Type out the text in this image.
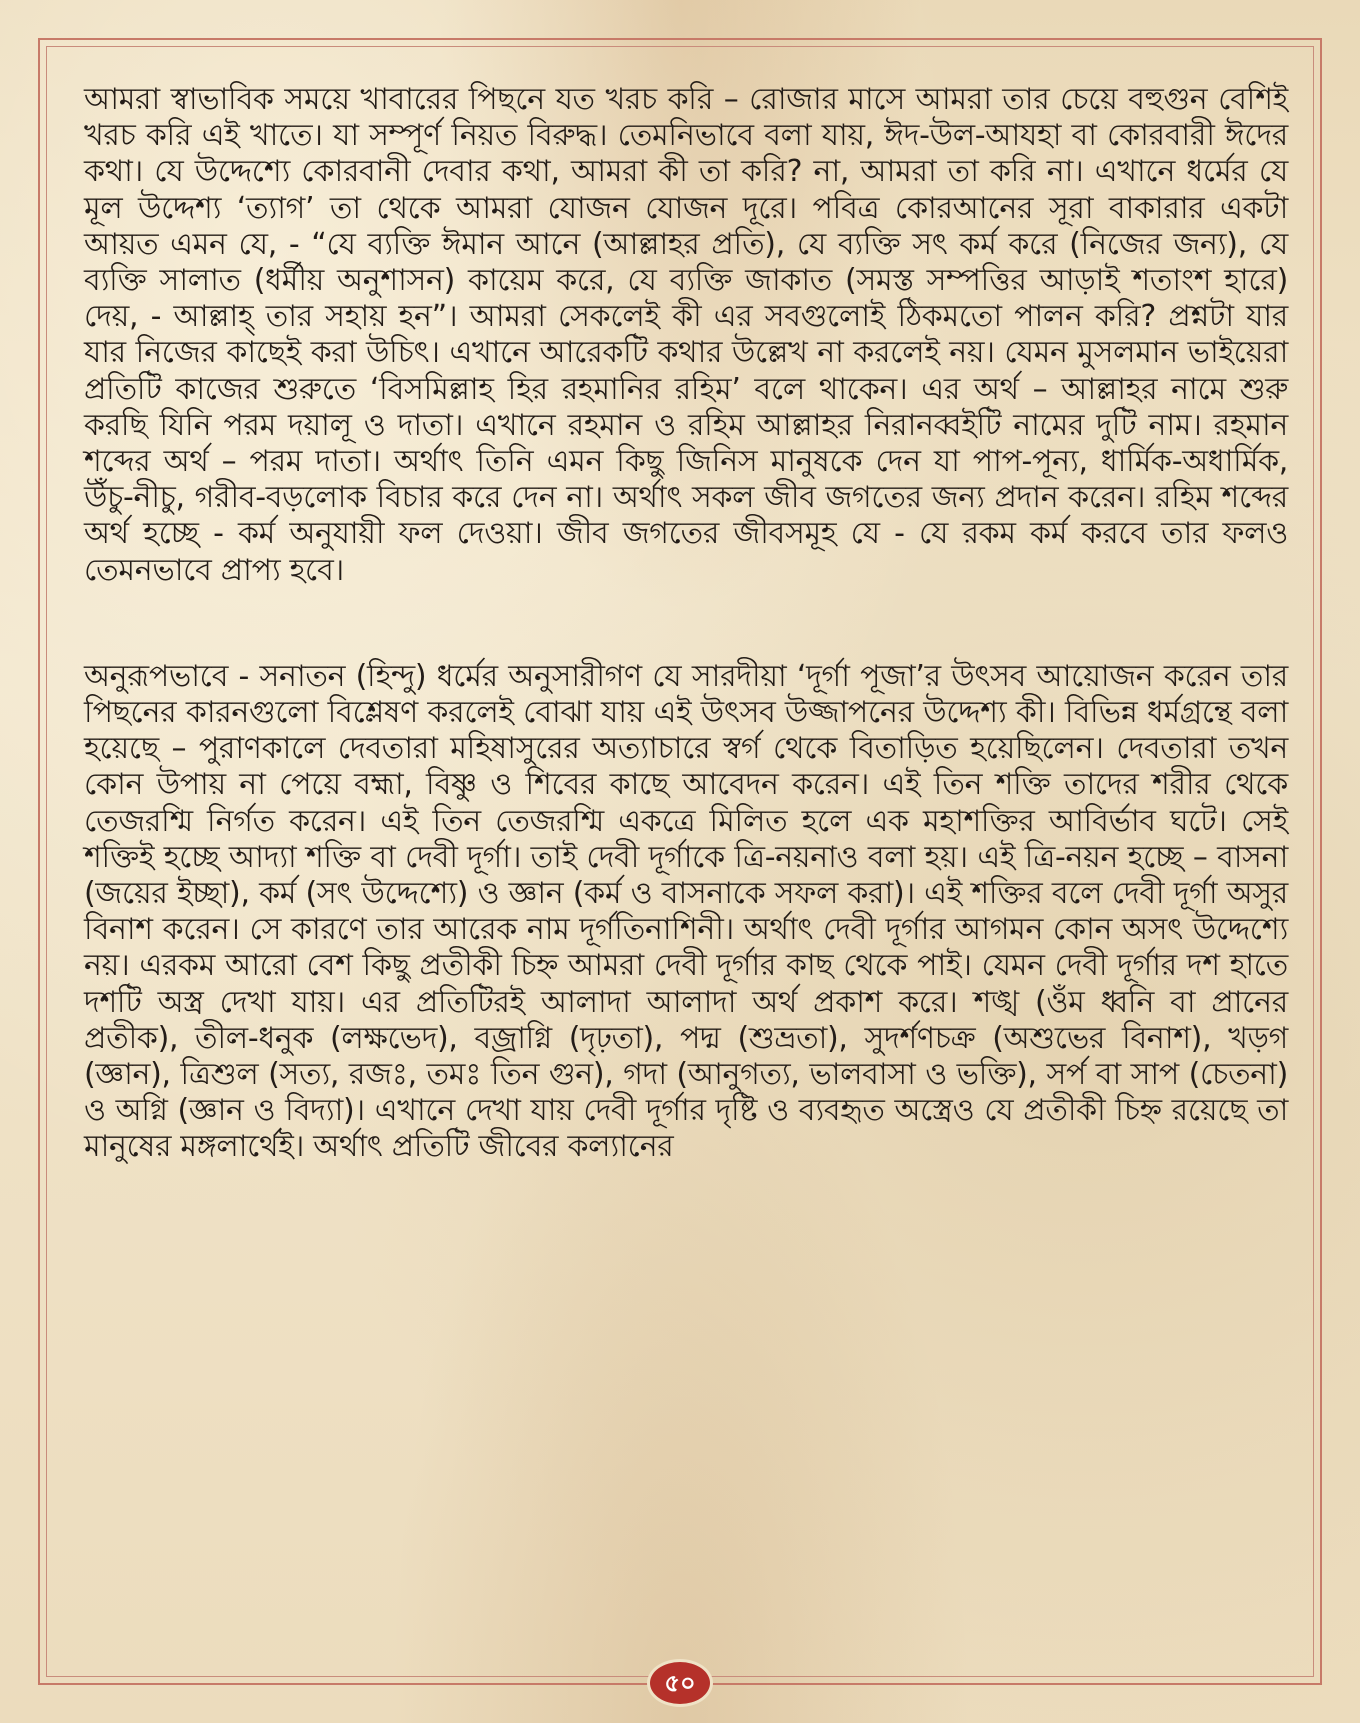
আমরা স্বাভাবিক সময়ে খাবারের পিছনে যত খরচ করি – রোজার মাসে আমরা তার চেয়ে বহুগুন বেশিই খরচ করি এই খাতে। যা সম্পূর্ণ নিয়ত বিরুদ্ধ। তেমনিভাবে বলা যায়, ঈদ-উল-আযহা বা কোরবারী ঈদের কথা। যে উদ্দেশ্যে কোরবানী দেবার কথা, আমরা কী তা করি? না, আমরা তা করি না। এখানে ধর্মের যে মূল উদ্দেশ্য ‘ত্যাগ’ তা থেকে আমরা যোজন যোজন দূরে। পবিত্র কোরআনের সূরা বাকারার একটা আয়ত এমন যে, - “যে ব্যক্তি ঈমান আনে (আল্লাহর প্রতি), যে ব্যক্তি সৎ কর্ম করে (নিজের জন্য), যে ব্যক্তি সালাত (ধর্মীয় অনুশাসন) কায়েম করে, যে ব্যক্তি জাকাত (সমস্ত সম্পত্তির আড়াই শতাংশ হারে) দেয়, - আল্লাহ্‌ তার সহায় হন”। আমরা সেকলেই কী এর সবগুলোই ঠিকমতো পালন করি? প্রশ্নটা যার যার নিজের কাছেই করা উচিৎ। এখানে আরেকটি কথার উল্লেখ না করলেই নয়। যেমন মুসলমান ভাইয়েরা প্রতিটি কাজের শুরুতে ‘বিসমিল্লাহ হির রহমানির রহিম’ বলে থাকেন। এর অর্থ – আল্লাহর নামে শুরু করছি যিনি পরম দয়ালূ ও দাতা। এখানে রহমান ও রহিম আল্লাহর নিরানব্বইটি নামের দুটি নাম। রহমান শব্দের অর্থ – পরম দাতা। অর্থাৎ তিনি এমন কিছু জিনিস মানুষকে দেন যা পাপ-পূন্য, ধার্মিক-অধার্মিক, উঁচু-নীচু, গরীব-বড়লোক বিচার করে দেন না। অর্থাৎ সকল জীব জগতের জন্য প্রদান করেন। রহিম শব্দের অর্থ হচ্ছে - কর্ম অনুযায়ী ফল দেওয়া। জীব জগতের জীবসমূহ যে - যে রকম কর্ম করবে তার ফলও তেমনভাবে প্রাপ্য হবে।

অনুরূপভাবে - সনাতন (হিন্দু) ধর্মের অনুসারীগণ যে সারদীয়া ‘দূর্গা পূজা’র উৎসব আয়োজন করেন তার পিছনের কারনগুলো বিশ্লেষণ করলেই বোঝা যায় এই উৎসব উজ্জাপনের উদ্দেশ্য কী। বিভিন্ন ধর্মগ্রন্থে বলা হয়েছে – পুরাণকালে দেবতারা মহিষাসুরের অত্যাচারে স্বর্গ থেকে বিতাড়িত হয়েছিলেন। দেবতারা তখন কোন উপায় না পেয়ে বহ্মা, বিষ্ণু ও শিবের কাছে আবেদন করেন। এই তিন শক্তি তাদের শরীর থেকে তেজরশ্মি নির্গত করেন। এই তিন তেজরশ্মি একত্রে মিলিত হলে এক মহাশক্তির আবির্ভাব ঘটে। সেই শক্তিই হচ্ছে আদ্যা শক্তি বা দেবী দূর্গা। তাই দেবী দূর্গাকে ত্রি-নয়নাও বলা হয়। এই ত্রি-নয়ন হচ্ছে – বাসনা (জয়ের ইচ্ছা), কর্ম (সৎ উদ্দেশ্যে) ও জ্ঞান (কর্ম ও বাসনাকে সফল করা)। এই শক্তির বলে দেবী দূর্গা অসুর বিনাশ করেন। সে কারণে তার আরেক নাম দূর্গতিনাশিনী। অর্থাৎ দেবী দূর্গার আগমন কোন অসৎ উদ্দেশ্যে নয়। এরকম আরো বেশ কিছু প্রতীকী চিহ্ন আমরা দেবী দূর্গার কাছ থেকে পাই। যেমন দেবী দূর্গার দশ হাতে দশটি অস্ত্র দেখা যায়। এর প্রতিটিরই আলাদা আলাদা অর্থ প্রকাশ করে। শঙ্খ (ওঁম ধ্বনি বা প্রানের প্রতীক), তীল-ধনুক (লক্ষভেদ), বজ্রাগ্নি (দৃঢ়তা), পদ্ম (শুভ্রতা), সুদর্শণচক্র (অশুভের বিনাশ), খড়গ (জ্ঞান), ত্রিশুল (সত্য, রজঃ, তমঃ তিন গুন), গদা (আনুগত্য, ভালবাসা ও ভক্তি), সর্প বা সাপ (চেতনা) ও অগ্নি (জ্ঞান ও বিদ্যা)। এখানে দেখা যায় দেবী দূর্গার দৃষ্টি ও ব্যবহৃত অস্ত্রেও যে প্রতীকী চিহ্ন রয়েছে তা মানুষের মঙ্গলার্থেই। অর্থাৎ প্রতিটি জীবের কল্যানের

৫০
